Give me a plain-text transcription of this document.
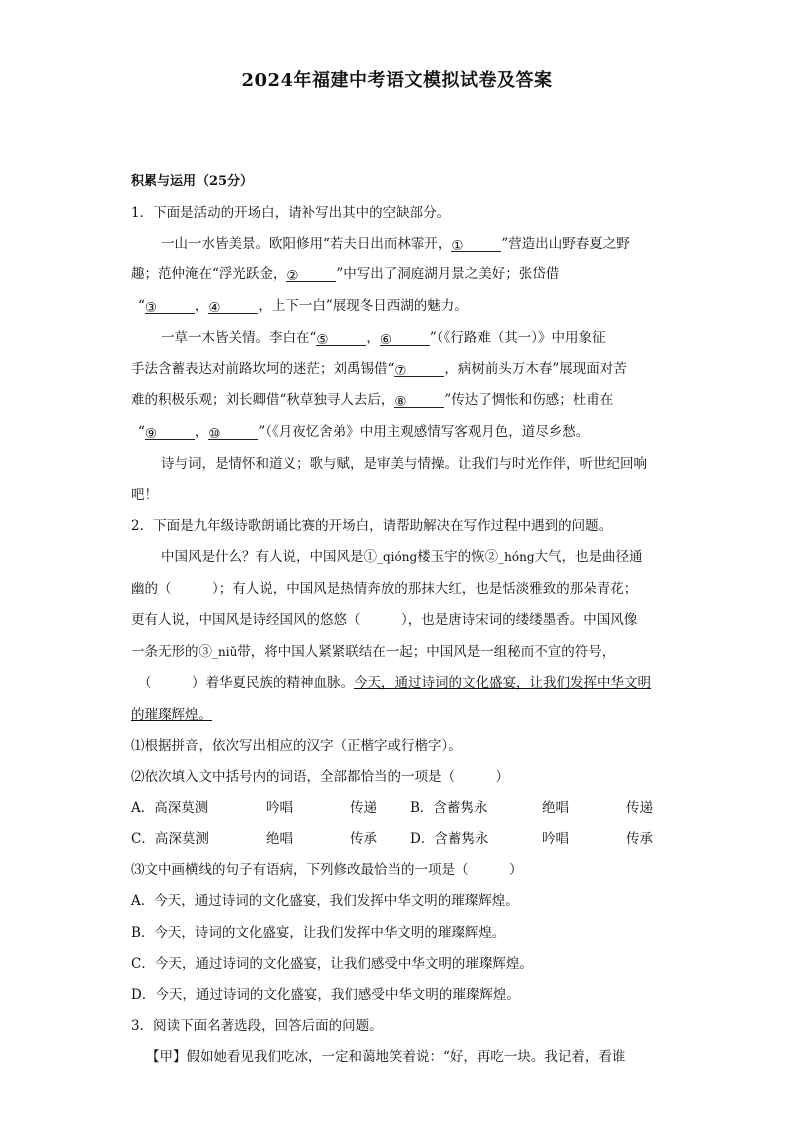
2024年福建中考语文模拟试卷及答案
积累与运用（25分）
1．下面是活动的开场白，请补写出其中的空缺部分。
一山一水皆美景。欧阳修用“若夫日出而林霏开，①	”营造出山野春夏之野
趣；范仲淹在“浮光跃金，②	”中写出了洞庭湖月景之美好；张岱借
“③	，④	，上下一白”展现冬日西湖的魅力。
一草一木皆关情。李白在“⑤	，⑥	”（《行路难（其一）》中用象征
手法含蓄表达对前路坎坷的迷茫；刘禹锡借“⑦	，病树前头万木春”展现面对苦
难的积极乐观；刘长卿借“秋草独寻人去后，⑧	”传达了惆怅和伤感；杜甫在
“⑨	，⑩	”（《月夜忆舍弟》中用主观感情写客观月色，道尽乡愁。
诗与词，是情怀和道义；歌与赋，是审美与情操。让我们与时光作伴，听世纪回响
吧！
2．下面是九年级诗歌朗诵比赛的开场白，请帮助解决在写作过程中遇到的问题。
中国风是什么？有人说，中国风是①_qióng楼玉宇的恢②_hóng大气，也是曲径通
幽的（　　　）；有人说，中国风是热情奔放的那抹大红，也是恬淡雅致的那朵青花；
更有人说，中国风是诗经国风的悠悠（　　　），也是唐诗宋词的缕缕墨香。中国风像
一条无形的③_niǔ带，将中国人紧紧联结在一起；中国风是一组秘而不宣的符号，
（　　　）着华夏民族的精神血脉。今天，通过诗词的文化盛宴，让我们发挥中华文明
的璀璨辉煌。
⑴根据拼音，依次写出相应的汉字（正楷字或行楷字）。
⑵依次填入文中括号内的词语，全部都恰当的一项是（　　　）
A．高深莫测	吟唱	传递 B．含蓄隽永	绝唱	传递
C．高深莫测	绝唱	传承 D．含蓄隽永	吟唱	传承
⑶文中画横线的句子有语病，下列修改最恰当的一项是（　　　）
A．今天，通过诗词的文化盛宴，我们发挥中华文明的璀璨辉煌。
B．今天，诗词的文化盛宴，让我们发挥中华文明的璀璨辉煌。
C．今天，通过诗词的文化盛宴，让我们感受中华文明的璀璨辉煌。
D．今天，通过诗词的文化盛宴，我们感受中华文明的璀璨辉煌。
3．阅读下面名著选段，回答后面的问题。
【甲】假如她看见我们吃冰，一定和蔼地笑着说：“好，再吃一块。我记着，看谁
